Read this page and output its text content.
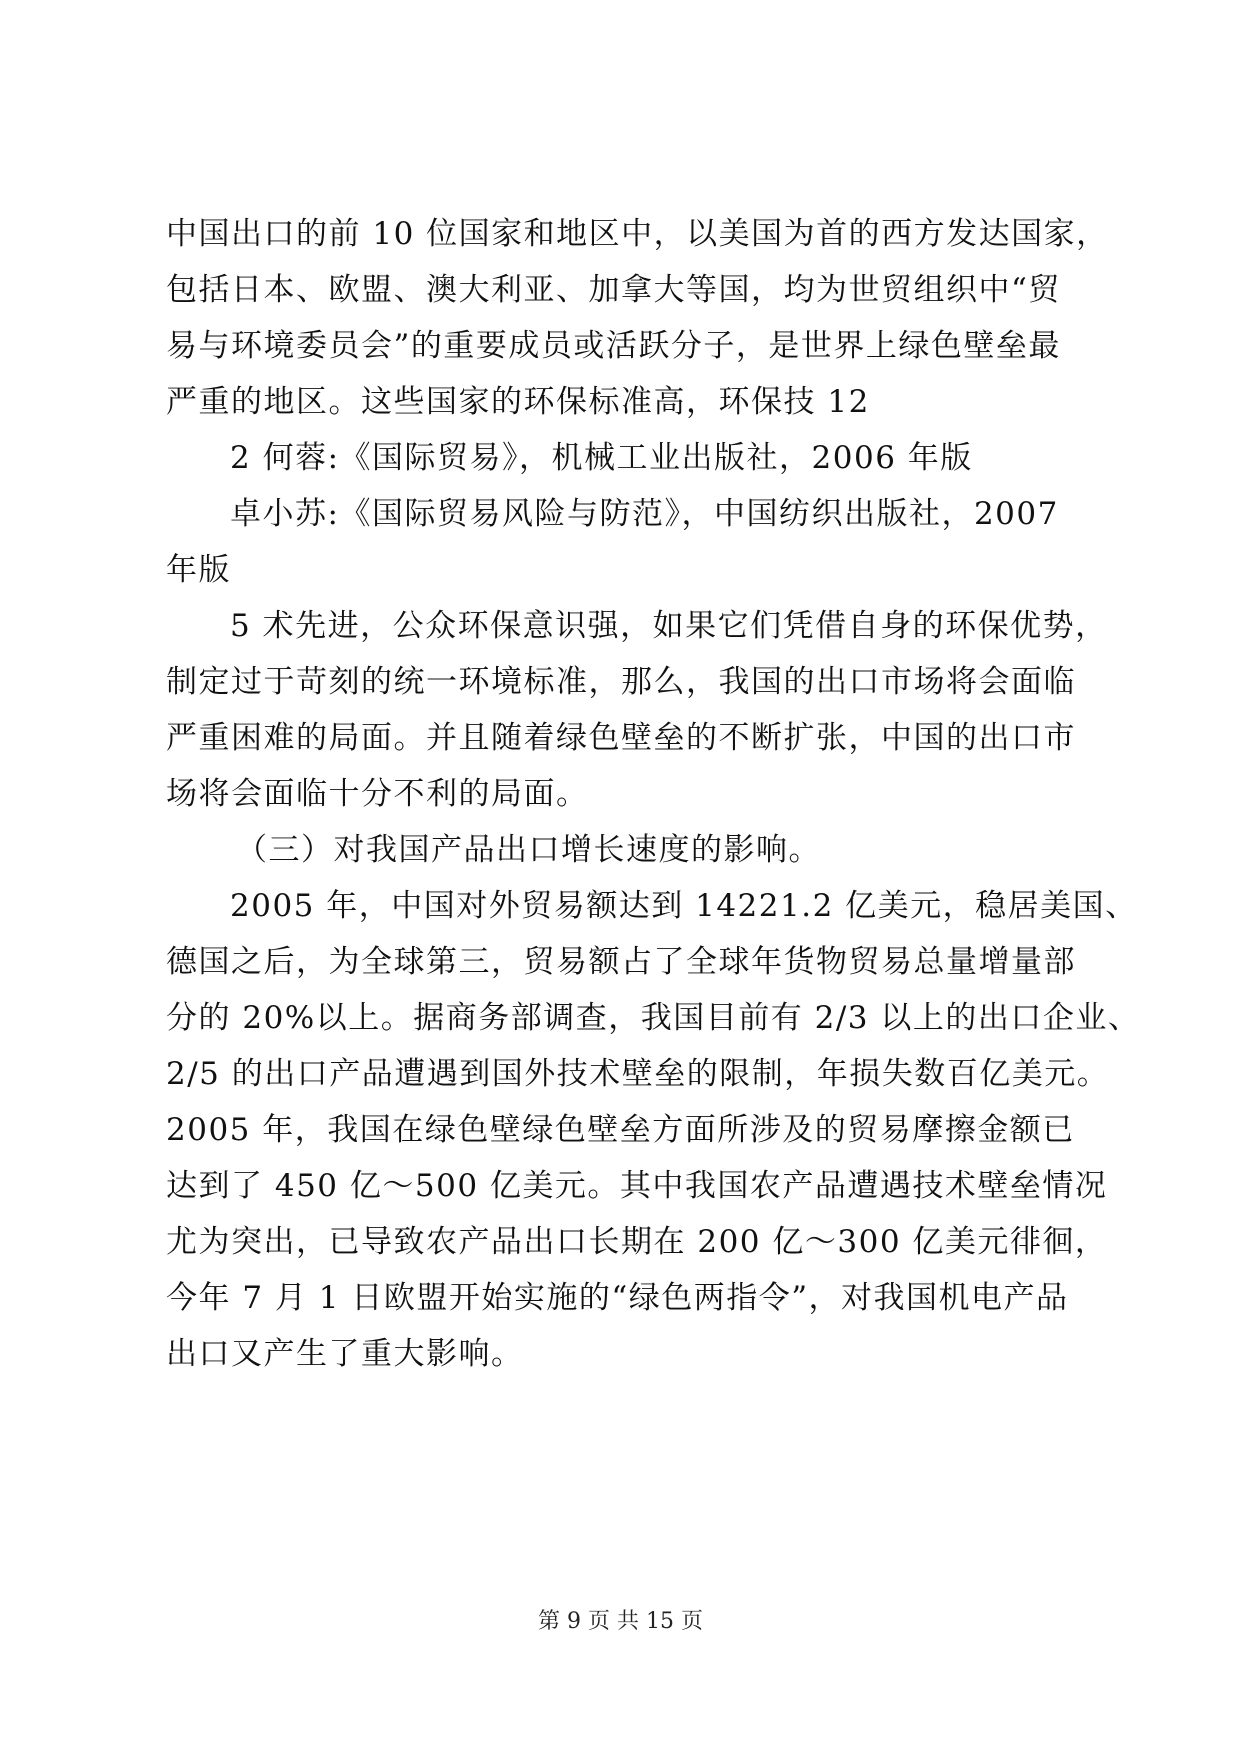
中国出口的前 10 位国家和地区中，以美国为首的西方发达国家，
包括日本、欧盟、澳大利亚、加拿大等国，均为世贸组织中“贸
易与环境委员会”的重要成员或活跃分子，是世界上绿色壁垒最
严重的地区。这些国家的环保标准高，环保技 12
2 何蓉:《国际贸易》，机械工业出版社，2006 年版
卓小苏:《国际贸易风险与防范》，中国纺织出版社，2007
年版
5 术先进，公众环保意识强，如果它们凭借自身的环保优势，
制定过于苛刻的统一环境标准，那么，我国的出口市场将会面临
严重困难的局面。并且随着绿色壁垒的不断扩张，中国的出口市
场将会面临十分不利的局面。
（三）对我国产品出口增长速度的影响。
2005 年，中国对外贸易额达到 14221.2 亿美元，稳居美国、
德国之后，为全球第三，贸易额占了全球年货物贸易总量增量部
分的 20%以上。据商务部调查，我国目前有 2/3 以上的出口企业、
2/5 的出口产品遭遇到国外技术壁垒的限制，年损失数百亿美元。
2005 年，我国在绿色壁绿色壁垒方面所涉及的贸易摩擦金额已
达到了 450 亿～500 亿美元。其中我国农产品遭遇技术壁垒情况
尤为突出，已导致农产品出口长期在 200 亿～300 亿美元徘徊，
今年 7 月 1 日欧盟开始实施的“绿色两指令”，对我国机电产品
出口又产生了重大影响。
第 9 页 共 15 页
